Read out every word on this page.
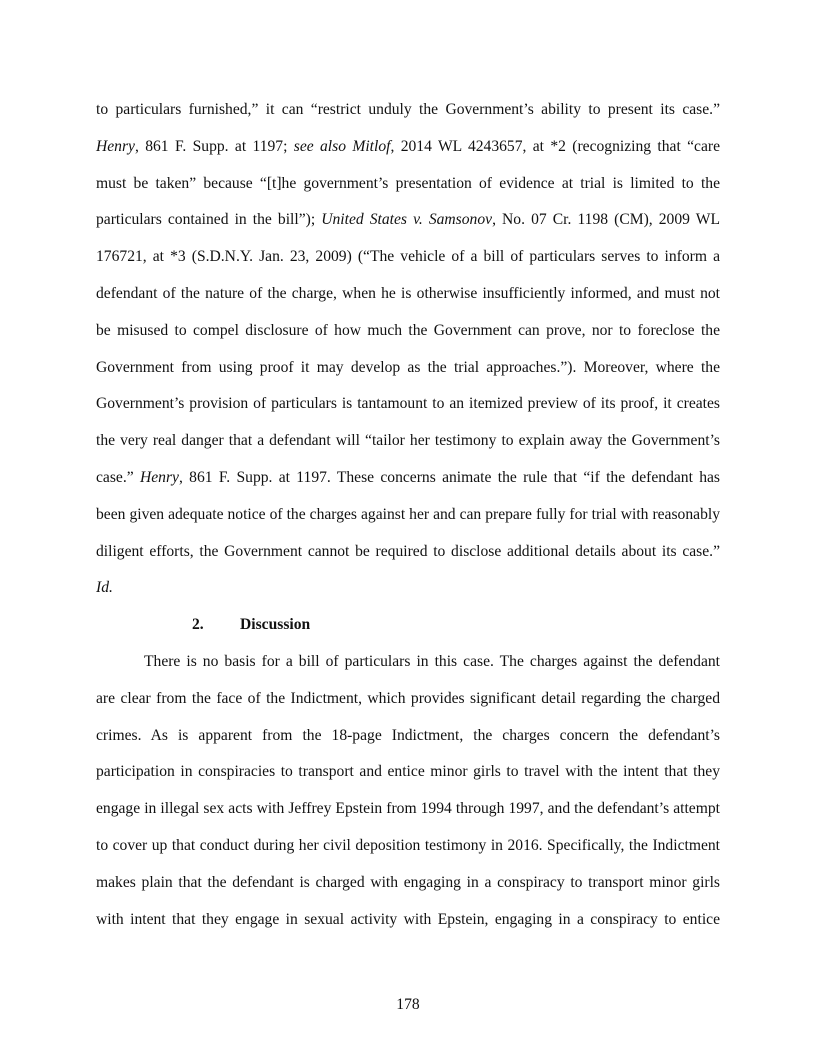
to particulars furnished,” it can “restrict unduly the Government’s ability to present its case.”
Henry, 861 F. Supp. at 1197; see also Mitlof, 2014 WL 4243657, at *2 (recognizing that “care
must be taken” because “[t]he government’s presentation of evidence at trial is limited to the
particulars contained in the bill”); United States v. Samsonov, No. 07 Cr. 1198 (CM), 2009 WL
176721, at *3 (S.D.N.Y. Jan. 23, 2009) (“The vehicle of a bill of particulars serves to inform a
defendant of the nature of the charge, when he is otherwise insufficiently informed, and must not
be misused to compel disclosure of how much the Government can prove, nor to foreclose the
Government from using proof it may develop as the trial approaches.”). Moreover, where the
Government’s provision of particulars is tantamount to an itemized preview of its proof, it creates
the very real danger that a defendant will “tailor her testimony to explain away the Government’s
case.” Henry, 861 F. Supp. at 1197. These concerns animate the rule that “if the defendant has
been given adequate notice of the charges against her and can prepare fully for trial with reasonably
diligent efforts, the Government cannot be required to disclose additional details about its case.”
Id.
2. Discussion
There is no basis for a bill of particulars in this case. The charges against the defendant
are clear from the face of the Indictment, which provides significant detail regarding the charged
crimes. As is apparent from the 18-page Indictment, the charges concern the defendant’s
participation in conspiracies to transport and entice minor girls to travel with the intent that they
engage in illegal sex acts with Jeffrey Epstein from 1994 through 1997, and the defendant’s attempt
to cover up that conduct during her civil deposition testimony in 2016. Specifically, the Indictment
makes plain that the defendant is charged with engaging in a conspiracy to transport minor girls
with intent that they engage in sexual activity with Epstein, engaging in a conspiracy to entice
178
